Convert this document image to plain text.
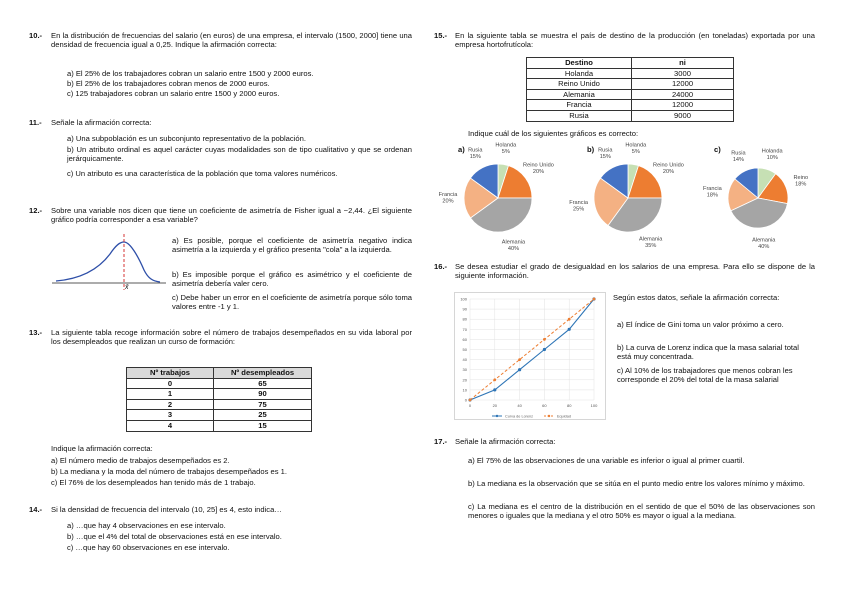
10.- En la distribución de frecuencias del salario (en euros) de una empresa, el intervalo (1500, 2000] tiene una densidad de frecuencia igual a 0,25. Indique la afirmación correcta:
a) El 25% de los trabajadores cobran un salario entre 1500 y 2000 euros.
b) El 25% de los trabajadores cobran menos de 2000 euros.
c) 125 trabajadores cobran un salario entre 1500 y 2000 euros.
11.- Señale la afirmación correcta:
a) Una subpoblación es un subconjunto representativo de la población.
b) Un atributo ordinal es aquel carácter cuyas modalidades son de tipo cualitativo y que se ordenan jerárquicamente.
c) Un atributo es una característica de la población que toma valores numéricos.
12.- Sobre una variable nos dicen que tiene un coeficiente de asimetría de Fisher igual a −2,44. ¿El siguiente gráfico podría corresponder a esa variable?
x̄
a) Es posible, porque el coeficiente de asimetría negativo indica asimetría a la izquierda y el gráfico presenta "cola" a la izquierda.
b) Es imposible porque el gráfico es asimétrico y el coeficiente de asimetría debería valer cero.
c) Debe haber un error en el coeficiente de asimetría porque sólo toma valores entre -1 y 1.
13.- La siguiente tabla recoge información sobre el número de trabajos desempeñados en su vida laboral por los desempleados que realizan un curso de formación:
Nº trabajos	Nº desempleados
0	65
1	90
2	75
3	25
4	15
Indique la afirmación correcta:
a) El número medio de trabajos desempeñados es 2.
b) La mediana y la moda del número de trabajos desempeñados es 1.
c) El 76% de los desempleados han tenido más de 1 trabajo.
14.- Si la densidad de frecuencia del intervalo (10, 25] es 4, esto indica…
a) …que hay 4 observaciones en ese intervalo.
b) …que el 4% del total de observaciones está en ese intervalo.
c) …que hay 60 observaciones en ese intervalo.
15.- En la siguiente tabla se muestra el país de destino de la producción (en toneladas) exportada por una empresa hortofrutícola:
Destino	ni
Holanda	3000
Reino Unido	12000
Alemania	24000
Francia	12000
Rusia	9000
Indique cuál de los siguientes gráficos es correcto:
a)	b)	c)
Holanda 5%
Reino Unido 20%
Alemania 40%
Francia 20%
Rusia 15%
Holanda 5%
Reino Unido 20%
Alemania 35%
Francia 25%
Rusia 15%
Holanda 10%
Reino 18%
Alemania 40%
Francia 18%
Rusia 14%
16.- Se desea estudiar el grado de desigualdad en los salarios de una empresa. Para ello se dispone de la siguiente información.
0
10
20
30
40
50
60
70
80
90
100
0	20	40	60	80	100
Curva de Lorenz	Equidad
Según estos datos, señale la afirmación correcta:
a) El índice de Gini toma un valor próximo a cero.
b) La curva de Lorenz indica que la masa salarial total está muy concentrada.
c) Al 10% de los trabajadores que menos cobran les corresponde el 20% del total de la masa salarial
17.- Señale la afirmación correcta:
a) El 75% de las observaciones de una variable es inferior o igual al primer cuartil.
b) La mediana es la observación que se sitúa en el punto medio entre los valores mínimo y máximo.
c) La mediana es el centro de la distribución en el sentido de que el 50% de las observaciones son menores o iguales que la mediana y el otro 50% es mayor o igual a la mediana.
